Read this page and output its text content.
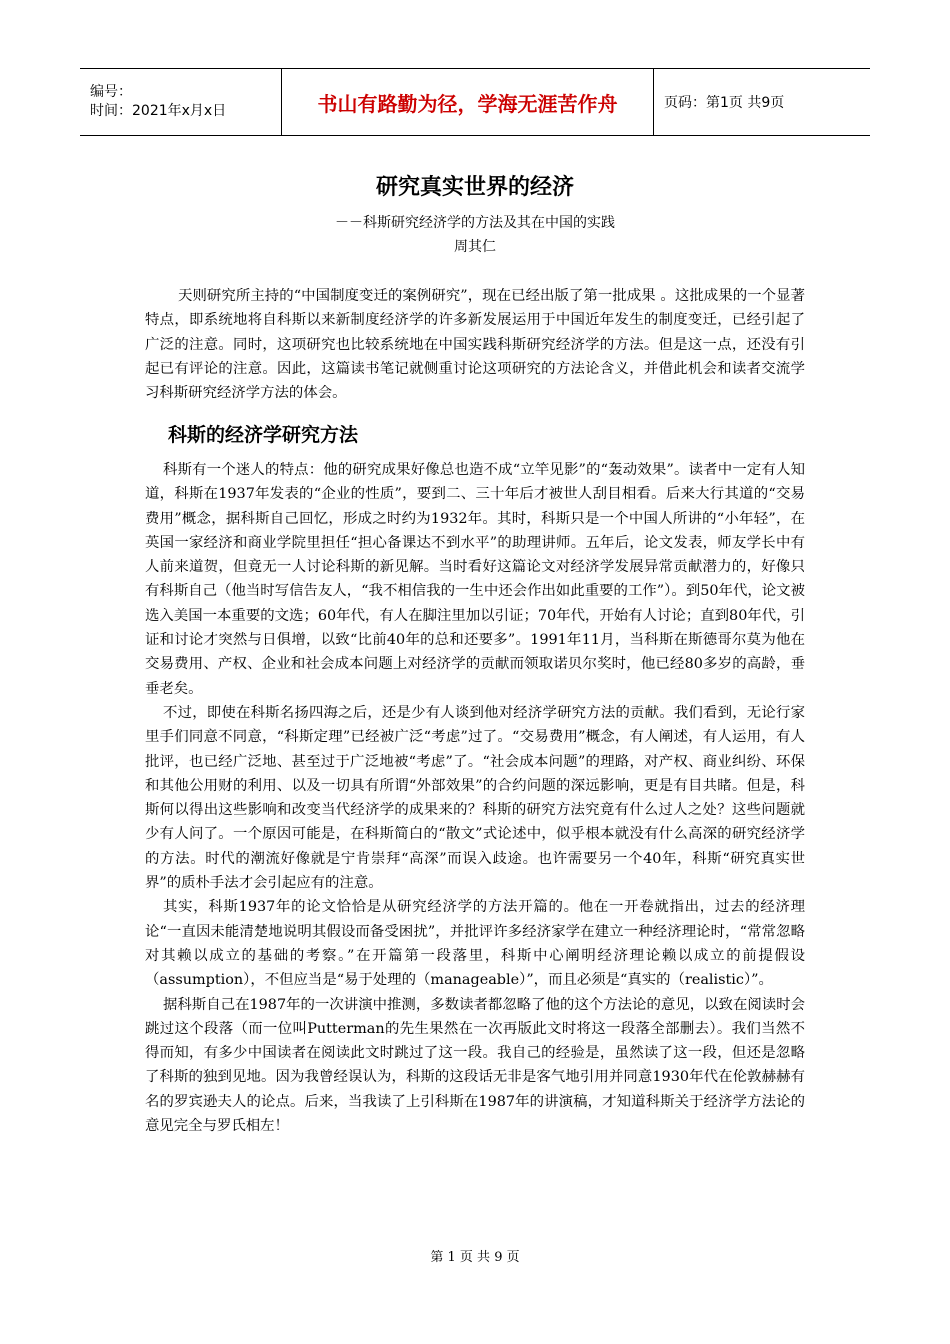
编号：
时间：2021年x月x日	书山有路勤为径，学海无涯苦作舟	页码：第1页 共9页
研究真实世界的经济
－－科斯研究经济学的方法及其在中国的实践
周其仁

天则研究所主持的“中国制度变迁的案例研究”，现在已经出版了第一批成果 。这批成果的一个显著特点，即系统地将自科斯以来新制度经济学的许多新发展运用于中国近年发生的制度变迁，已经引起了广泛的注意。同时，这项研究也比较系统地在中国实践科斯研究经济学的方法。但是这一点，还没有引起已有评论的注意。因此，这篇读书笔记就侧重讨论这项研究的方法论含义，并借此机会和读者交流学习科斯研究经济学方法的体会。

科斯的经济学研究方法

科斯有一个迷人的特点：他的研究成果好像总也造不成“立竿见影”的“轰动效果”。读者中一定有人知道，科斯在1937年发表的“企业的性质”，要到二、三十年后才被世人刮目相看。后来大行其道的“交易费用”概念，据科斯自己回忆，形成之时约为1932年。其时，科斯只是一个中国人所讲的“小年轻”，在英国一家经济和商业学院里担任“担心备课达不到水平”的助理讲师。五年后，论文发表，师友学长中有人前来道贺，但竟无一人讨论科斯的新见解。当时看好这篇论文对经济学发展异常贡献潜力的，好像只有科斯自己（他当时写信告友人，“我不相信我的一生中还会作出如此重要的工作”）。到50年代，论文被选入美国一本重要的文选；60年代，有人在脚注里加以引证；70年代，开始有人讨论；直到80年代，引证和讨论才突然与日俱增，以致“比前40年的总和还要多”。1991年11月，当科斯在斯德哥尔莫为他在交易费用、产权、企业和社会成本问题上对经济学的贡献而领取诺贝尔奖时，他已经80多岁的高龄，垂垂老矣。

不过，即使在科斯名扬四海之后，还是少有人谈到他对经济学研究方法的贡献。我们看到，无论行家里手们同意不同意，“科斯定理”已经被广泛“考虑”过了。“交易费用”概念，有人阐述，有人运用，有人批评，也已经广泛地、甚至过于广泛地被“考虑”了。“社会成本问题”的理路，对产权、商业纠纷、环保和其他公用财的利用、以及一切具有所谓“外部效果”的合约问题的深远影响，更是有目共睹。但是，科斯何以得出这些影响和改变当代经济学的成果来的？科斯的研究方法究竟有什么过人之处？这些问题就少有人问了。一个原因可能是，在科斯简白的“散文”式论述中，似乎根本就没有什么高深的研究经济学的方法。时代的潮流好像就是宁肯崇拜“高深”而误入歧途。也许需要另一个40年，科斯“研究真实世界”的质朴手法才会引起应有的注意。

其实，科斯1937年的论文恰恰是从研究经济学的方法开篇的。他在一开卷就指出，过去的经济理论“一直因未能清楚地说明其假设而备受困扰”，并批评许多经济家学在建立一种经济理论时，“常常忽略对其赖以成立的基础的考察。”在开篇第一段落里，科斯中心阐明经济理论赖以成立的前提假设（assumption），不但应当是“易于处理的（manageable）”，而且必须是“真实的（realistic）”。

据科斯自己在1987年的一次讲演中推测，多数读者都忽略了他的这个方法论的意见，以致在阅读时会跳过这个段落（而一位叫Putterman的先生果然在一次再版此文时将这一段落全部删去）。我们当然不得而知，有多少中国读者在阅读此文时跳过了这一段。我自己的经验是，虽然读了这一段，但还是忽略了科斯的独到见地。因为我曾经误认为，科斯的这段话无非是客气地引用并同意1930年代在伦敦赫赫有名的罗宾逊夫人的论点。后来，当我读了上引科斯在1987年的讲演稿，才知道科斯关于经济学方法论的意见完全与罗氏相左！

第 1 页 共 9 页
